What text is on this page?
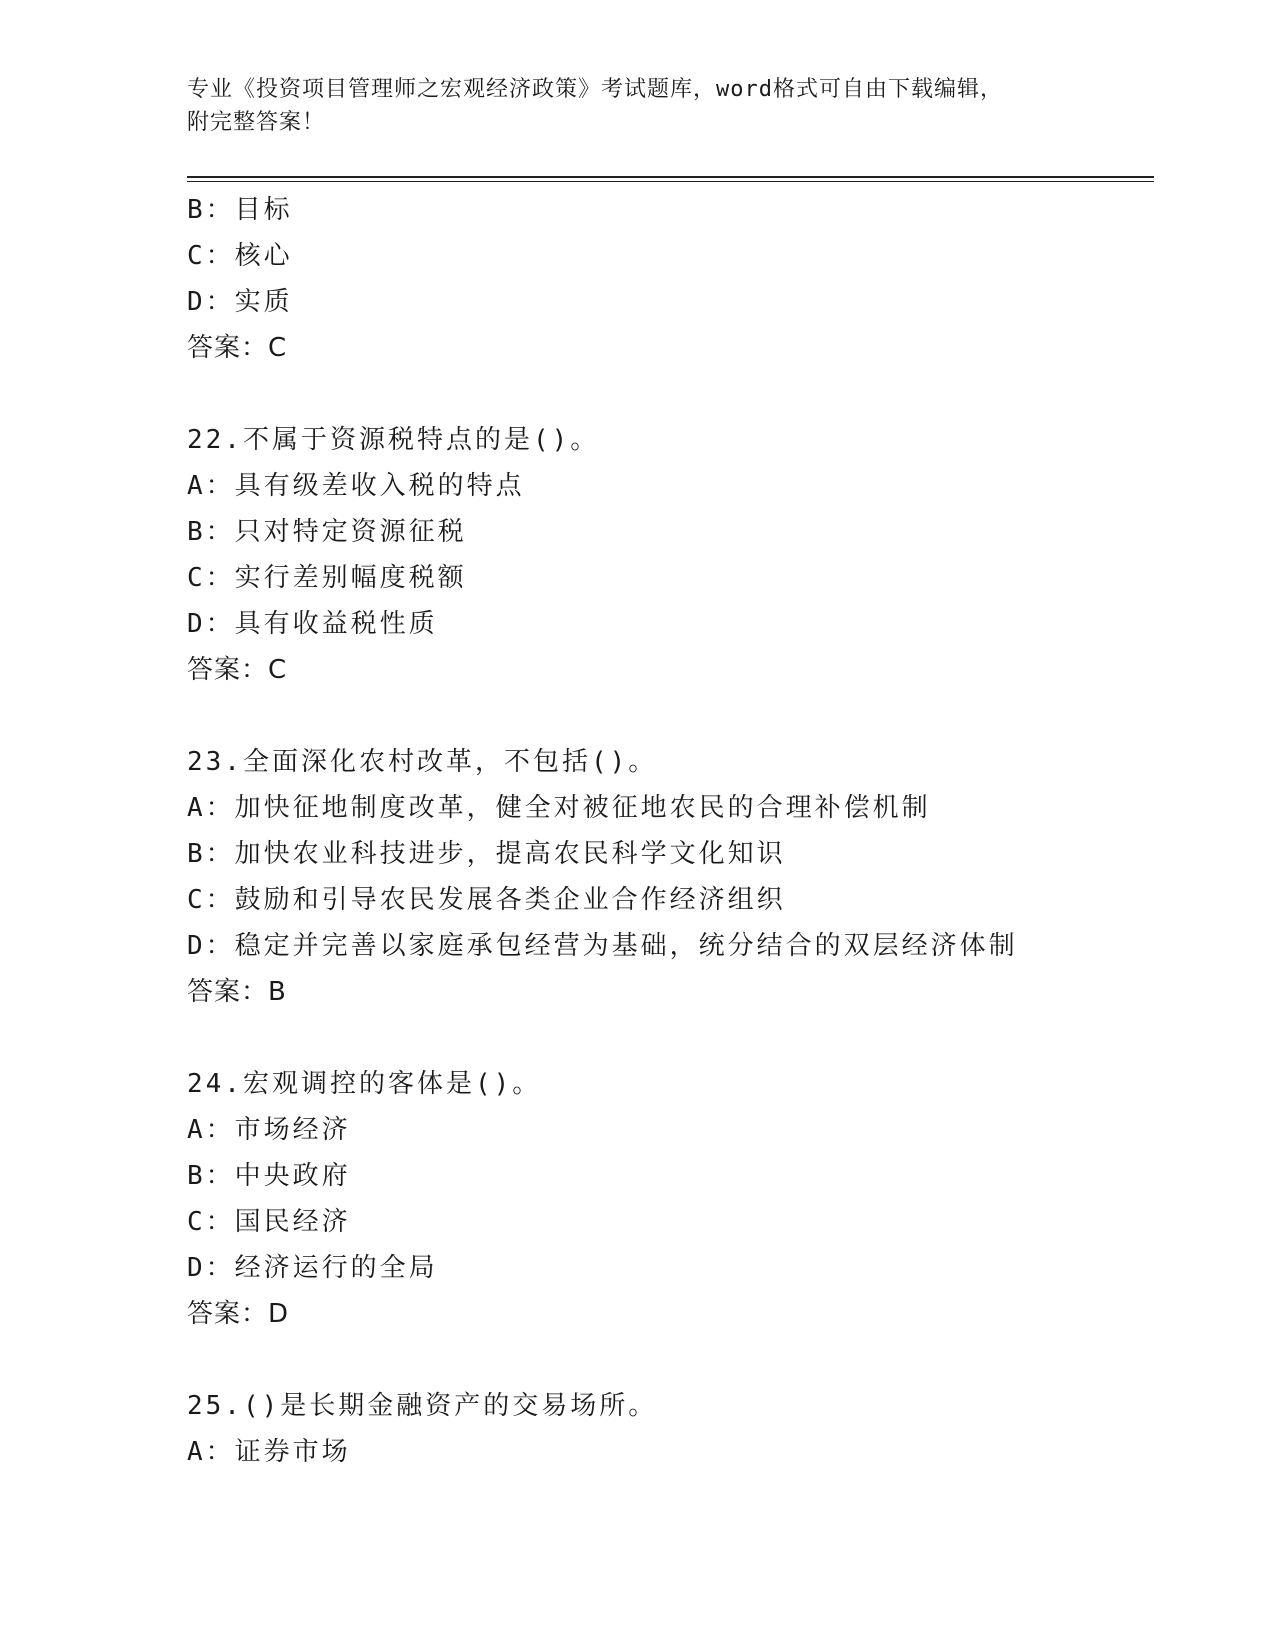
专业《投资项目管理师之宏观经济政策》考试题库，word格式可自由下载编辑，
附完整答案！
B：目标
C：核心
D：实质
答案：C
22.不属于资源税特点的是()。
A：具有级差收入税的特点
B：只对特定资源征税
C：实行差别幅度税额
D：具有收益税性质
答案：C
23.全面深化农村改革，不包括()。
A：加快征地制度改革，健全对被征地农民的合理补偿机制
B：加快农业科技进步，提高农民科学文化知识
C：鼓励和引导农民发展各类企业合作经济组织
D：稳定并完善以家庭承包经营为基础，统分结合的双层经济体制
答案：B
24.宏观调控的客体是()。
A：市场经济
B：中央政府
C：国民经济
D：经济运行的全局
答案：D
25.()是长期金融资产的交易场所。
A：证券市场
